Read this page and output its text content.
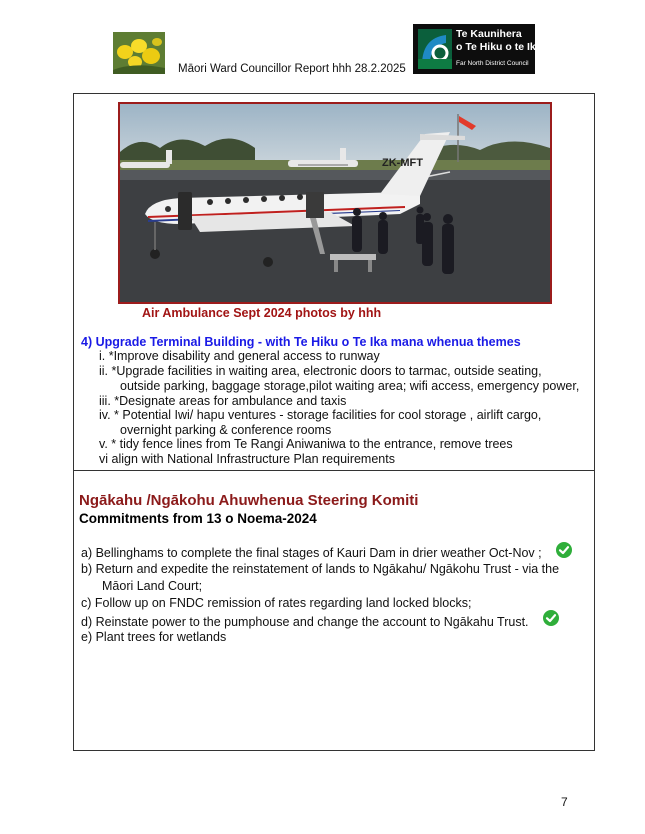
Māori Ward Councillor Report hhh 28.2.2025
Te Kaunihera
o Te Hiku o te Ika
Far North District Council
ZK-MFT
Air Ambulance Sept 2024 photos by hhh
4) Upgrade Terminal Building - with Te Hiku o Te Ika mana whenua themes
i. *Improve disability and general access to runway
ii. *Upgrade facilities in waiting area, electronic doors to tarmac, outside seating,
outside parking, baggage storage,pilot waiting area; wifi access, emergency power,
iii. *Designate areas for ambulance and taxis
iv. * Potential Iwi/ hapu ventures - storage facilities for cool storage , airlift cargo,
overnight parking & conference rooms
v. * tidy fence lines from Te Rangi Aniwaniwa to the entrance, remove trees
vi align with National Infrastructure Plan requirements
Ngākahu /Ngākohu Ahuwhenua Steering Komiti
Commitments from 13 o Noema-2024
a) Bellinghams to complete the final stages of Kauri Dam in drier weather Oct-Nov ;
b) Return and expedite the reinstatement of lands to Ngākahu/ Ngākohu Trust - via the
Māori Land Court;
c) Follow up on FNDC remission of rates regarding land locked blocks;
d) Reinstate power to the pumphouse and change the account to Ngākahu Trust.
e) Plant trees for wetlands
7
